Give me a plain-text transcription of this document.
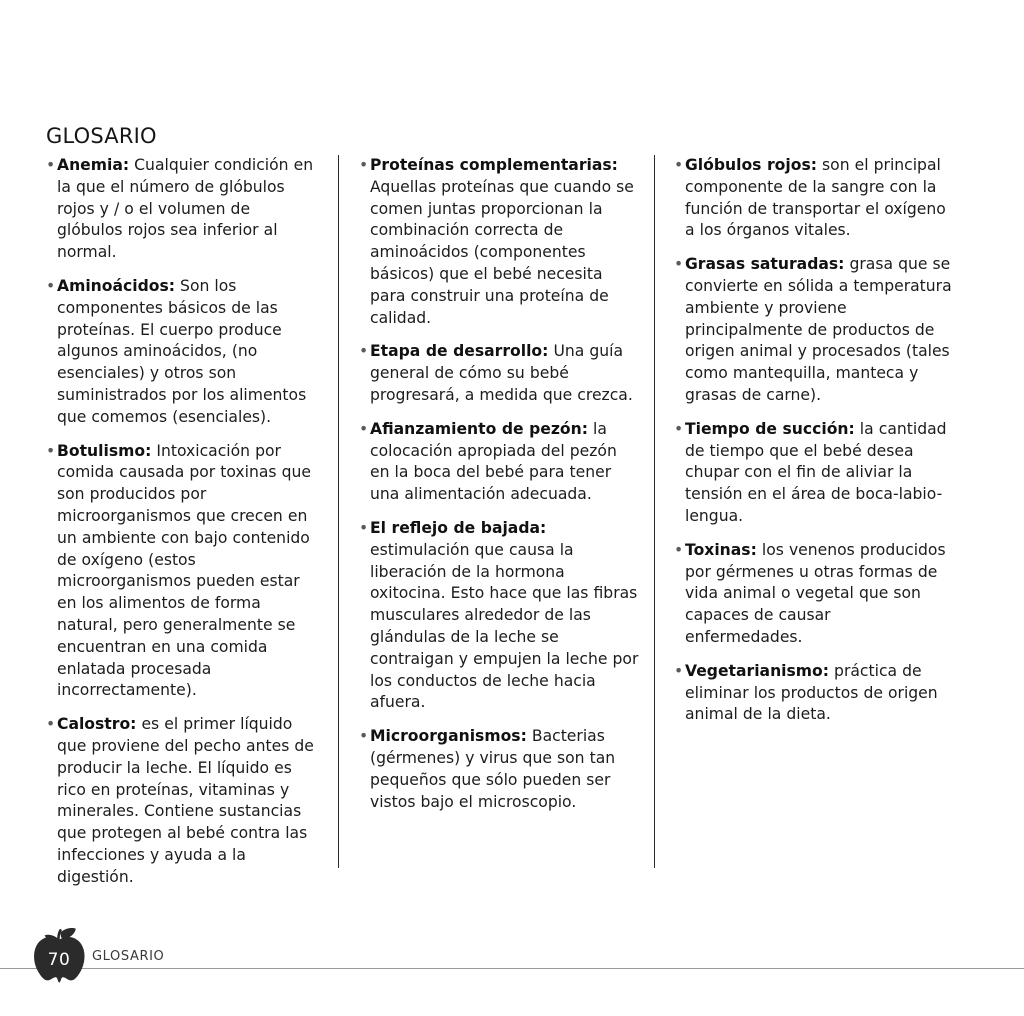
GLOSARIO

• Anemia: Cualquier condición en la que el número de glóbulos rojos y / o el volumen de glóbulos rojos sea inferior al normal.

• Aminoácidos: Son los componentes básicos de las proteínas. El cuerpo produce algunos aminoácidos, (no esenciales) y otros son suministrados por los alimentos que comemos (esenciales).

• Botulismo: Intoxicación por comida causada por toxinas que son producidos por microorganismos que crecen en un ambiente con bajo contenido de oxígeno (estos microorganismos pueden estar en los alimentos de forma natural, pero generalmente se encuentran en una comida enlatada procesada incorrectamente).

• Calostro: es el primer líquido que proviene del pecho antes de producir la leche. El líquido es rico en proteínas, vitaminas y minerales. Contiene sustancias que protegen al bebé contra las infecciones y ayuda a la digestión.

• Proteínas complementarias: Aquellas proteínas que cuando se comen juntas proporcionan la combinación correcta de aminoácidos (componentes básicos) que el bebé necesita para construir una proteína de calidad.

• Etapa de desarrollo: Una guía general de cómo su bebé progresará, a medida que crezca.

• Afianzamiento de pezón: la colocación apropiada del pezón en la boca del bebé para tener una alimentación adecuada.

• El reflejo de bajada: estimulación que causa la liberación de la hormona oxitocina. Esto hace que las fibras musculares alrededor de las glándulas de la leche se contraigan y empujen la leche por los conductos de leche hacia afuera.

• Microorganismos: Bacterias (gérmenes) y virus que son tan pequeños que sólo pueden ser vistos bajo el microscopio.

• Glóbulos rojos: son el principal componente de la sangre con la función de transportar el oxígeno a los órganos vitales.

• Grasas saturadas: grasa que se convierte en sólida a temperatura ambiente y proviene principalmente de productos de origen animal y procesados (tales como mantequilla, manteca y grasas de carne).

• Tiempo de succión: la cantidad de tiempo que el bebé desea chupar con el fin de aliviar la tensión en el área de boca-labio-lengua.

• Toxinas: los venenos producidos por gérmenes u otras formas de vida animal o vegetal que son capaces de causar enfermedades.

• Vegetarianismo: práctica de eliminar los productos de origen animal de la dieta.

70	GLOSARIO
